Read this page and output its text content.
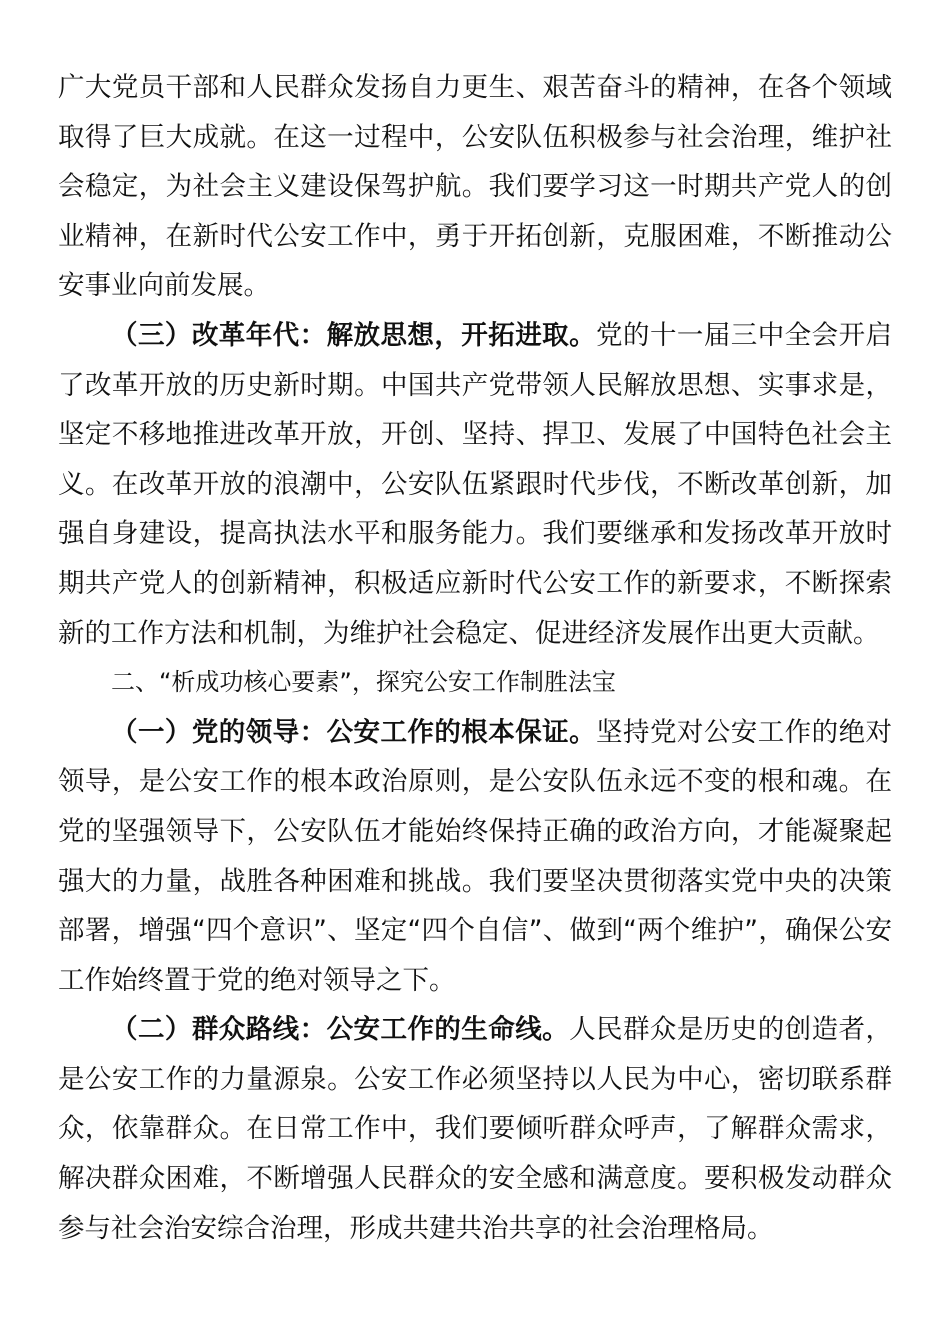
广大党员干部和人民群众发扬自力更生、艰苦奋斗的精神，在各个领域取得了巨大成就。在这一过程中，公安队伍积极参与社会治理，维护社会稳定，为社会主义建设保驾护航。我们要学习这一时期共产党人的创业精神，在新时代公安工作中，勇于开拓创新，克服困难，不断推动公安事业向前发展。

（三）改革年代：解放思想，开拓进取。党的十一届三中全会开启了改革开放的历史新时期。中国共产党带领人民解放思想、实事求是，坚定不移地推进改革开放，开创、坚持、捍卫、发展了中国特色社会主义。在改革开放的浪潮中，公安队伍紧跟时代步伐，不断改革创新，加强自身建设，提高执法水平和服务能力。我们要继承和发扬改革开放时期共产党人的创新精神，积极适应新时代公安工作的新要求，不断探索新的工作方法和机制，为维护社会稳定、促进经济发展作出更大贡献。

二、“析成功核心要素”，探究公安工作制胜法宝

（一）党的领导：公安工作的根本保证。坚持党对公安工作的绝对领导，是公安工作的根本政治原则，是公安队伍永远不变的根和魂。在党的坚强领导下，公安队伍才能始终保持正确的政治方向，才能凝聚起强大的力量，战胜各种困难和挑战。我们要坚决贯彻落实党中央的决策部署，增强“四个意识”、坚定“四个自信”、做到“两个维护”，确保公安工作始终置于党的绝对领导之下。

（二）群众路线：公安工作的生命线。人民群众是历史的创造者，是公安工作的力量源泉。公安工作必须坚持以人民为中心，密切联系群众，依靠群众。在日常工作中，我们要倾听群众呼声，了解群众需求，解决群众困难，不断增强人民群众的安全感和满意度。要积极发动群众参与社会治安综合治理，形成共建共治共享的社会治理格局。
